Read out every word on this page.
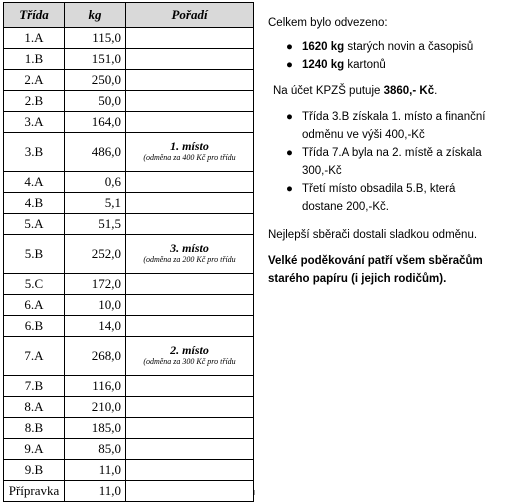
Třída	kg	Pořadí
1.A	115,0	
1.B	151,0	
2.A	250,0	
2.B	50,0	
3.A	164,0	
3.B	486,0	1. místo
(odměna za 400 Kč pro třídu

4.A	0,6	
4.B	5,1	
5.A	51,5	
5.B	252,0	3. místo
(odměna za 200 Kč pro třídu

5.C	172,0	
6.A	10,0	
6.B	14,0	
7.A	268,0	2. místo
(odměna za 300 Kč pro třídu

7.B	116,0	
8.A	210,0	
8.B	185,0	
9.A	85,0	
9.B	11,0	
Přípravka	11,0	

Celkem bylo odvezeno:

● 1620 kg starých novin a časopisů
● 1240 kg kartonů

Na účet KPZŠ putuje 3860,- Kč.

● Třída 3.B získala 1. místo a finanční odměnu ve výši 400,-Kč
● Třída 7.A byla na 2. místě a získala 300,-Kč
● Třetí místo obsadila 5.B, která dostane 200,-Kč.

Nejlepší sběrači dostali sladkou odměnu.

Velké poděkování patří všem sběračům starého papíru (i jejich rodičům).
